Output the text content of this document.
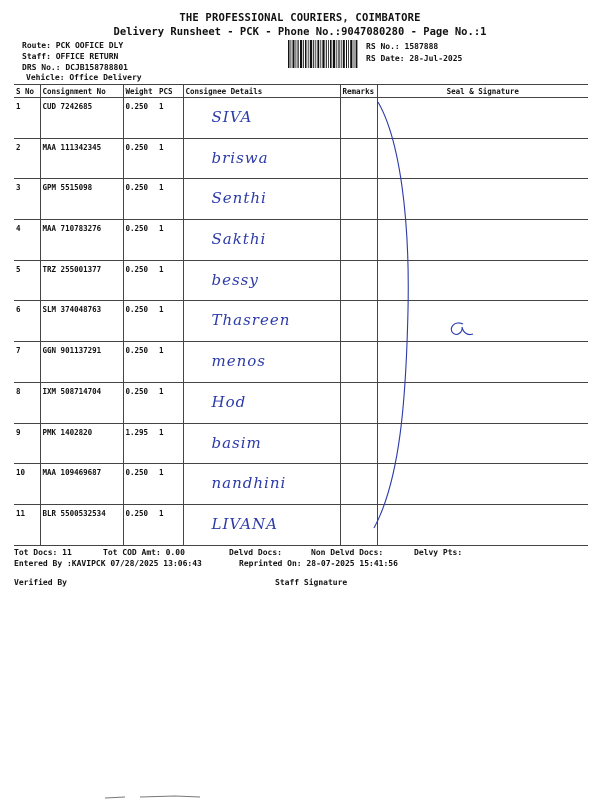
THE PROFESSIONAL COURIERS, COIMBATORE
Delivery Runsheet - PCK - Phone No.:9047080280 - Page No.:1
Route: PCK OOFICE DLY
Staff: OFFICE RETURN
DRS No.: DCJB158788801
Vehicle: Office Delivery
RS No.: 1587888
RS Date: 28-Jul-2025
S No	Consignment No	Weight	PCS	Consignee Details	Remarks	Seal & Signature
1	CUD 7242685	0.250	1	SIVA		

2	MAA 111342345	0.250	1	briswa		

3	GPM 5515098	0.250	1	Senthi		

4	MAA 710783276	0.250	1	Sakthi		

5	TRZ 255001377	0.250	1	bessy		

6	SLM 374048763	0.250	1	Thasreen		

7	GGN 901137291	0.250	1	menos		

8	IXM 508714704	0.250	1	Hod		

9	PMK 1402820	1.295	1	basim		

10	MAA 109469687	0.250	1	nandhini		

11	BLR 5500532534	0.250	1	LIVANA		

Tot Docs: 11	Tot COD Amt: 0.00	Delvd Docs:	Non Delvd Docs:	Delvy Pts:
Entered By :KAVIPCK 07/28/2025 13:06:43	Reprinted On: 28-07-2025 15:41:56
Verified By	Staff Signature
